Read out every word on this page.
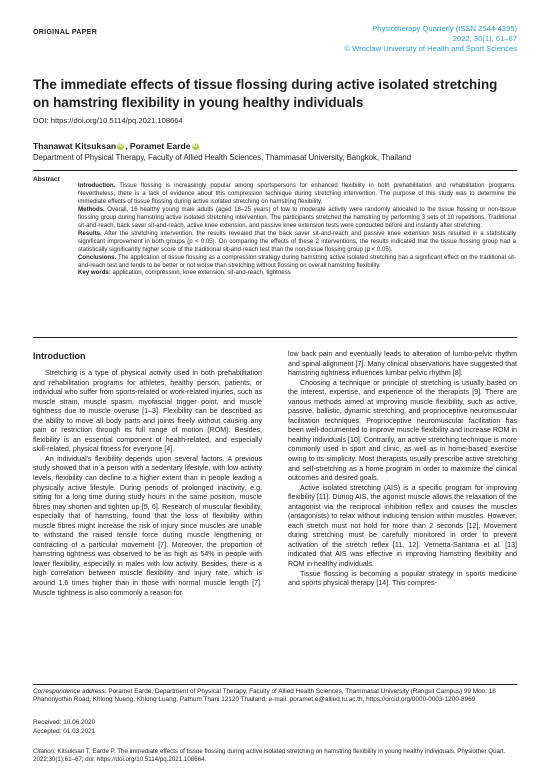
ORIGINAL PAPER	Physiotherapy Quarterly (ISSN 2544-4395)
2022, 30(1), 61–67
© Wroclaw University of Health and Sport Sciences
The immediate effects of tissue flossing during active isolated stretching on hamstring flexibility in young healthy individuals
DOI: https://doi.org/10.5114/pq.2021.108664
Thanawat Kitsuksan iD , Poramet Earde iD
Department of Physical Therapy, Faculty of Allied Health Sciences, Thammasat University, Bangkok, Thailand
Abstract

Introduction. Tissue flossing is increasingly popular among sportspersons for enhanced flexibility in both prehabilitation and rehabilitation programs. Nevertheless, there is a lack of evidence about this compression technique during stretching intervention. The purpose of this study was to determine the immediate effects of tissue flossing during active isolated stretching on hamstring flexibility.

Methods. Overall, 16 healthy young male adults (aged 18–25 years) of low to moderate activity were randomly allocated to the tissue flossing or non-tissue flossing group during hamstring active isolated stretching intervention. The participants stretched the hamstring by performing 3 sets of 10 repetitions. Traditional sit-and-reach, back saver sit-and-reach, active knee extension, and passive knee extension tests were conducted before and instantly after stretching.

Results. After the stretching intervention, the results revealed that the back saver sit-and-reach and passive knee extension tests resulted in a statistically significant improvement in both groups (p < 0.05). On comparing the effects of these 2 interventions, the results indicated that the tissue flossing group had a statistically significantly higher score of the traditional sit-and-reach test than the non-tissue flossing group (p < 0.05).

Conclusions. The application of tissue flossing as a compression strategy during hamstring active isolated stretching has a significant effect on the traditional sit-and-reach test and tends to be better or not worse than stretching without flossing on overall hamstring flexibility.

Key words: application, compression, knee extension, sit-and-reach, tightness

Introduction

Stretching is a type of physical activity used in both prehabilitation and rehabilitation programs for athletes, healthy person, patients, or individual who suffer from sports-related or work-related injuries, such as muscle strain, muscle spasm, myofascial trigger point, and muscle tightness due to muscle overuse [1–3]. Flexibility can be described as the ability to move all body parts and joints freely without causing any pain or restriction through its full range of motion (ROM). Besides, flexibility is an essential component of health-related, and especially skill-related, physical fitness for everyone [4].

An individual's flexibility depends upon several factors. A previous study showed that in a person with a sedentary lifestyle, with low activity levels, flexibility can decline to a higher extent than in people leading a physically active lifestyle. During periods of prolonged inactivity, e.g. sitting for a long time during study hours in the same position, muscle fibres may shorten and tighten up [5, 6]. Research of muscular flexibility, especially that of hamstring, found that the loss of flexibility within muscle fibres might increase the risk of injury since muscles are unable to withstand the raised tensile force during muscle lengthening or contracting of a particular movement [7]. Moreover, the proportion of hamstring tightness was observed to be as high as 54% in people with lower flexibility, especially in males with low activity. Besides, there is a high correlation between muscle flexibility and injury rate, which is around 1.6 times higher than in those with normal muscle length [7]. Muscle tightness is also commonly a reason for

low back pain and eventually leads to alteration of lumbo-pelvic rhythm and spinal alignment [7]. Many clinical observations have suggested that hamstring tightness influences lumbar pelvic rhythm [8].

Choosing a technique or principle of stretching is usually based on the interest, expertise, and experience of the therapists [9]. There are various methods aimed at improving muscle flexibility, such as active, passive, ballistic, dynamic stretching, and proprioceptive neuromuscular facilitation techniques. Proprioceptive neuromuscular facilitation has been well-documented to improve muscle flexibility and increase ROM in healthy individuals [10]. Contrarily, an active stretching technique is more commonly used in sport and clinic, as well as in home-based exercise owing to its simplicity. Most therapists usually prescribe active stretching and self-stretching as a home program in order to maximize the clinical outcomes and desired goals.

Active isolated stretching (AIS) is a specific program for improving flexibility [11]. During AIS, the agonist muscle allows the relaxation of the antagonist via the reciprocal inhibition reflex and causes the muscles (antagonists) to relax without inducing tension within muscles. However, each stretch must not hold for more than 2 seconds [12]. Movement during stretching must be carefully monitored in order to prevent activation of the stretch reflex [11, 12]. Vernetta-Santana et al. [13] indicated that AIS was effective in improving hamstring flexibility and ROM in healthy individuals.

Tissue flossing is becoming a popular strategy in sports medicine and sports physical therapy [14]. This compres-

Correspondence address: Poramet Earde, Department of Physical Therapy, Faculty of Allied Health Sciences, Thammasat University (Rangsit Campus) 99 Moo. 18 Phahonyothin Road, Khlong Nueng, Khlong Luang, Pathum Thani 12120 Thailand, e-mail: poramet.e@allied.tu.ac.th, https://orcid.org/0000-0003-1200-8969
Received: 10.06.2020
Accepted: 01.03.2021
Citation: Kitsuksan T, Earde P. The immediate effects of tissue flossing during active isolated stretching on hamstring flexibility in young healthy individuals. Physiother Quart. 2022;30(1):61–67; doi: https://doi.org/10.5114/pq.2021.108664.
